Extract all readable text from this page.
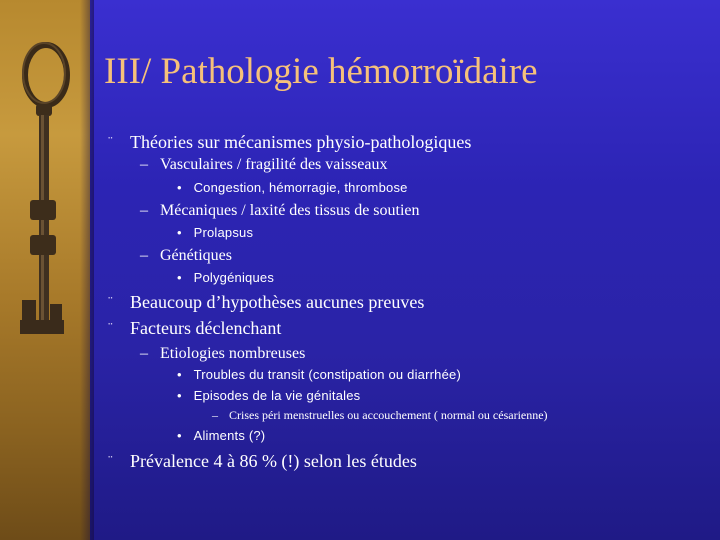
III/ Pathologie hémorroïdaire
¨ Théories sur mécanismes physio-pathologiques
– Vasculaires / fragilité des vaisseaux
• Congestion, hémorragie, thrombose
– Mécaniques / laxité des tissus de soutien
• Prolapsus
– Génétiques
• Polygéniques
¨ Beaucoup d’hypothèses aucunes preuves
¨ Facteurs déclenchant
– Etiologies nombreuses
• Troubles du transit (constipation ou diarrhée)
• Episodes de la vie génitales
– Crises péri menstruelles ou accouchement ( normal ou césarienne)
• Aliments (?)
¨ Prévalence 4 à 86 % (!) selon les études
